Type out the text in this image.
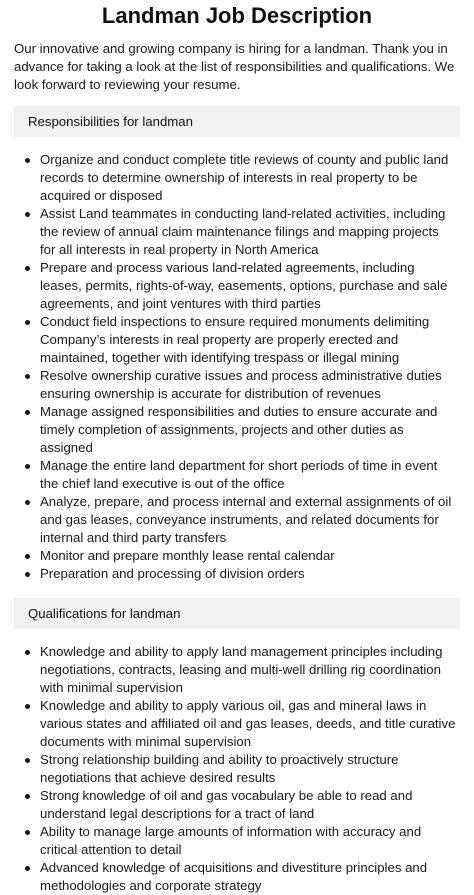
Landman Job Description

Our innovative and growing company is hiring for a landman. Thank you in advance for taking a look at the list of responsibilities and qualifications. We look forward to reviewing your resume.

Responsibilities for landman
Organize and conduct complete title reviews of county and public land records to determine ownership of interests in real property to be acquired or disposed
Assist Land teammates in conducting land-related activities, including the review of annual claim maintenance filings and mapping projects for all interests in real property in North America
Prepare and process various land-related agreements, including leases, permits, rights-of-way, easements, options, purchase and sale agreements, and joint ventures with third parties
Conduct field inspections to ensure required monuments delimiting Company’s interests in real property are properly erected and maintained, together with identifying trespass or illegal mining
Resolve ownership curative issues and process administrative duties ensuring ownership is accurate for distribution of revenues
Manage assigned responsibilities and duties to ensure accurate and timely completion of assignments, projects and other duties as assigned
Manage the entire land department for short periods of time in event the chief land executive is out of the office
Analyze, prepare, and process internal and external assignments of oil and gas leases, conveyance instruments, and related documents for internal and third party transfers
Monitor and prepare monthly lease rental calendar
Preparation and processing of division orders
Qualifications for landman
Knowledge and ability to apply land management principles including negotiations, contracts, leasing and multi-well drilling rig coordination with minimal supervision
Knowledge and ability to apply various oil, gas and mineral laws in various states and affiliated oil and gas leases, deeds, and title curative documents with minimal supervision
Strong relationship building and ability to proactively structure negotiations that achieve desired results
Strong knowledge of oil and gas vocabulary be able to read and understand legal descriptions for a tract of land
Ability to manage large amounts of information with accuracy and critical attention to detail
Advanced knowledge of acquisitions and divestiture principles and methodologies and corporate strategy
